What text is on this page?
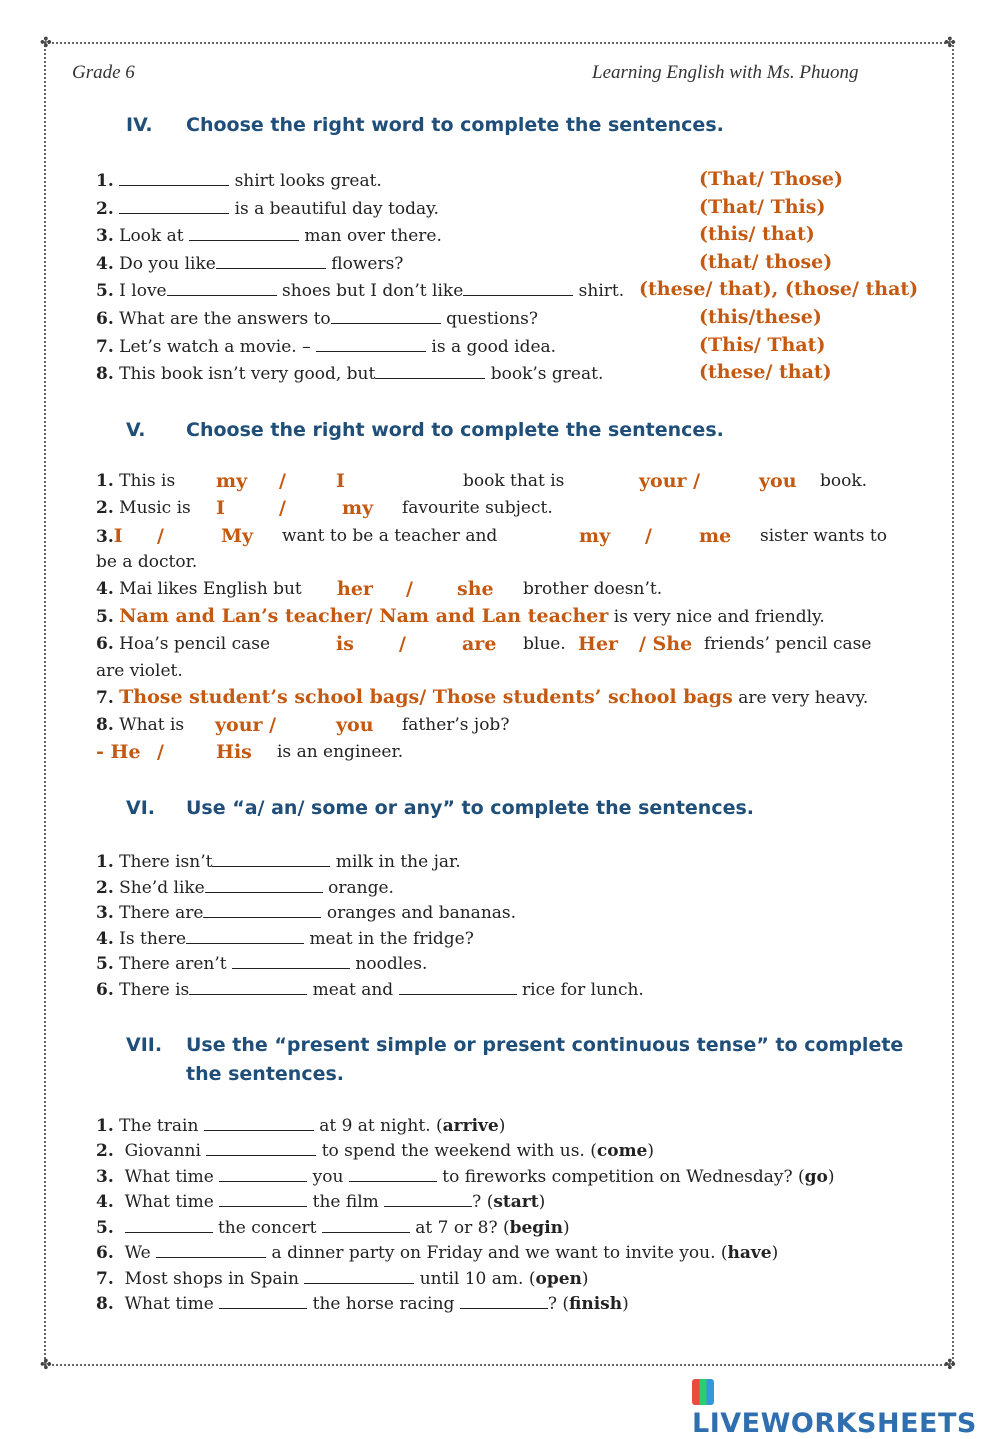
✤	✤
✤	✤
Grade 6	Learning English with Ms. Phuong
IV. Choose the right word to complete the sentences.
1.	shirt looks great.
2.	is a beautiful day today.
3. Look at	man over there.
4. Do you like	flowers?
5. I love	shoes but I don’t like	shirt.
6. What are the answers to	questions?
7. Let’s watch a movie. –	is a good idea.
8. This book isn’t very good, but	book’s great.
(That/ Those)
(That/ This)
(this/ that)
(that/ those)
(these/ that), (those/ that)
(this/these)
(This/ That)
(these/ that)
V. Choose the right word to complete the sentences.
1. This is my /	I	book that is	your /	you book.
2. Music is I	/	my favourite subject.
3.I /	My want to be a teacher and	my / me sister wants to
be a doctor.
4. Mai likes English but her / she brother doesn’t.
5. Nam and Lan’s teacher/ Nam and Lan teacher is very nice and friendly.
6. Hoa’s pencil case	is /	are blue. Her / She friends’ pencil case
are violet.
7. Those student’s school bags/ Those students’ school bags are very heavy.
8. What is your /	you father’s job?
- He /	His is an engineer.
VI. Use “a/ an/ some or any” to complete the sentences.
1. There isn’t	milk in the jar.
2. She’d like	orange.
3. There are	oranges and bananas.
4. Is there	meat in the fridge?
5. There aren’t	noodles.
6. There is	meat and	rice for lunch.
VII. Use the “present simple or present continuous tense” to complete
the sentences.
1. The train	at 9 at night. (arrive)
2. Giovanni	to spend the weekend with us. (come)
3. What time	you	to fireworks competition on Wednesday? (go)
4. What time	the film	? (start)
5.	the concert	at 7 or 8? (begin)
6. We	a dinner party on Friday and we want to invite you. (have)
7. Most shops in Spain	until 10 am. (open)
8. What time	the horse racing	? (finish)
LIVEWORKSHEETS
